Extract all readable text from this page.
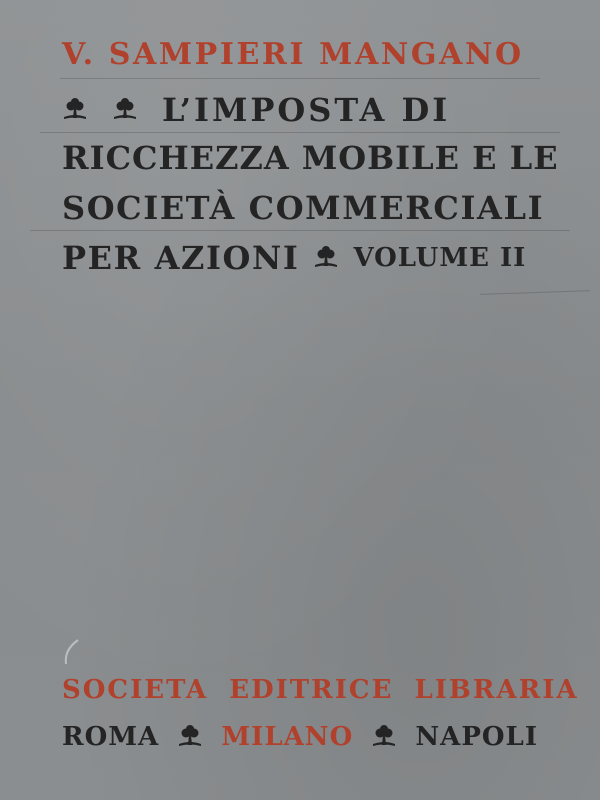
V. SAMPIERI MANGANO
L’IMPOSTA DI
RICCHEZZA MOBILE E LE
SOCIETÀ COMMERCIALI
PER AZIONI VOLUME II
SOCIETA EDITRICE LIBRARIA
ROMA MILANO NAPOLI
